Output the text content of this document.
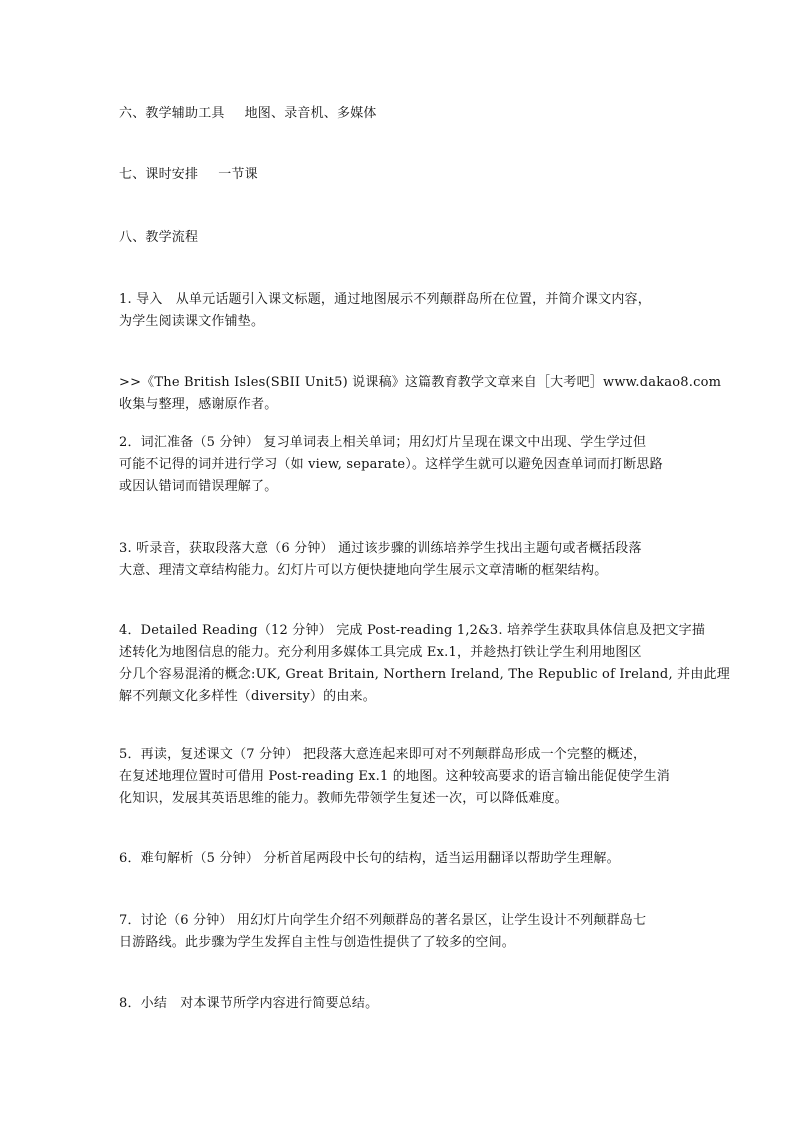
六、教学辅助工具 地图、录音机、多媒体
七、课时安排 一节课
八、教学流程
1. 导入　从单元话题引入课文标题，通过地图展示不列颠群岛所在位置，并简介课文内容，
为学生阅读课文作铺垫。
>>《The British Isles(SBII Unit5) 说课稿》这篇教育教学文章来自［大考吧］www.dakao8.com
收集与整理，感谢原作者。
2．词汇准备（5 分钟） 复习单词表上相关单词；用幻灯片呈现在课文中出现、学生学过但
可能不记得的词并进行学习（如 view, separate）。这样学生就可以避免因查单词而打断思路
或因认错词而错误理解了。
3. 听录音，获取段落大意（6 分钟） 通过该步骤的训练培养学生找出主题句或者概括段落
大意、理清文章结构能力。幻灯片可以方便快捷地向学生展示文章清晰的框架结构。
4．Detailed Reading（12 分钟） 完成 Post-reading 1,2&3. 培养学生获取具体信息及把文字描
述转化为地图信息的能力。充分利用多媒体工具完成 Ex.1，并趁热打铁让学生利用地图区
分几个容易混淆的概念:UK, Great Britain, Northern Ireland, The Republic of Ireland, 并由此理
解不列颠文化多样性（diversity）的由来。
5．再读，复述课文（7 分钟） 把段落大意连起来即可对不列颠群岛形成一个完整的概述，
在复述地理位置时可借用 Post-reading Ex.1 的地图。这种较高要求的语言输出能促使学生消
化知识，发展其英语思维的能力。教师先带领学生复述一次，可以降低难度。
6．难句解析（5 分钟） 分析首尾两段中长句的结构，适当运用翻译以帮助学生理解。
7．讨论（6 分钟） 用幻灯片向学生介绍不列颠群岛的著名景区，让学生设计不列颠群岛七
日游路线。此步骤为学生发挥自主性与创造性提供了了较多的空间。
8．小结　对本课节所学内容进行简要总结。
